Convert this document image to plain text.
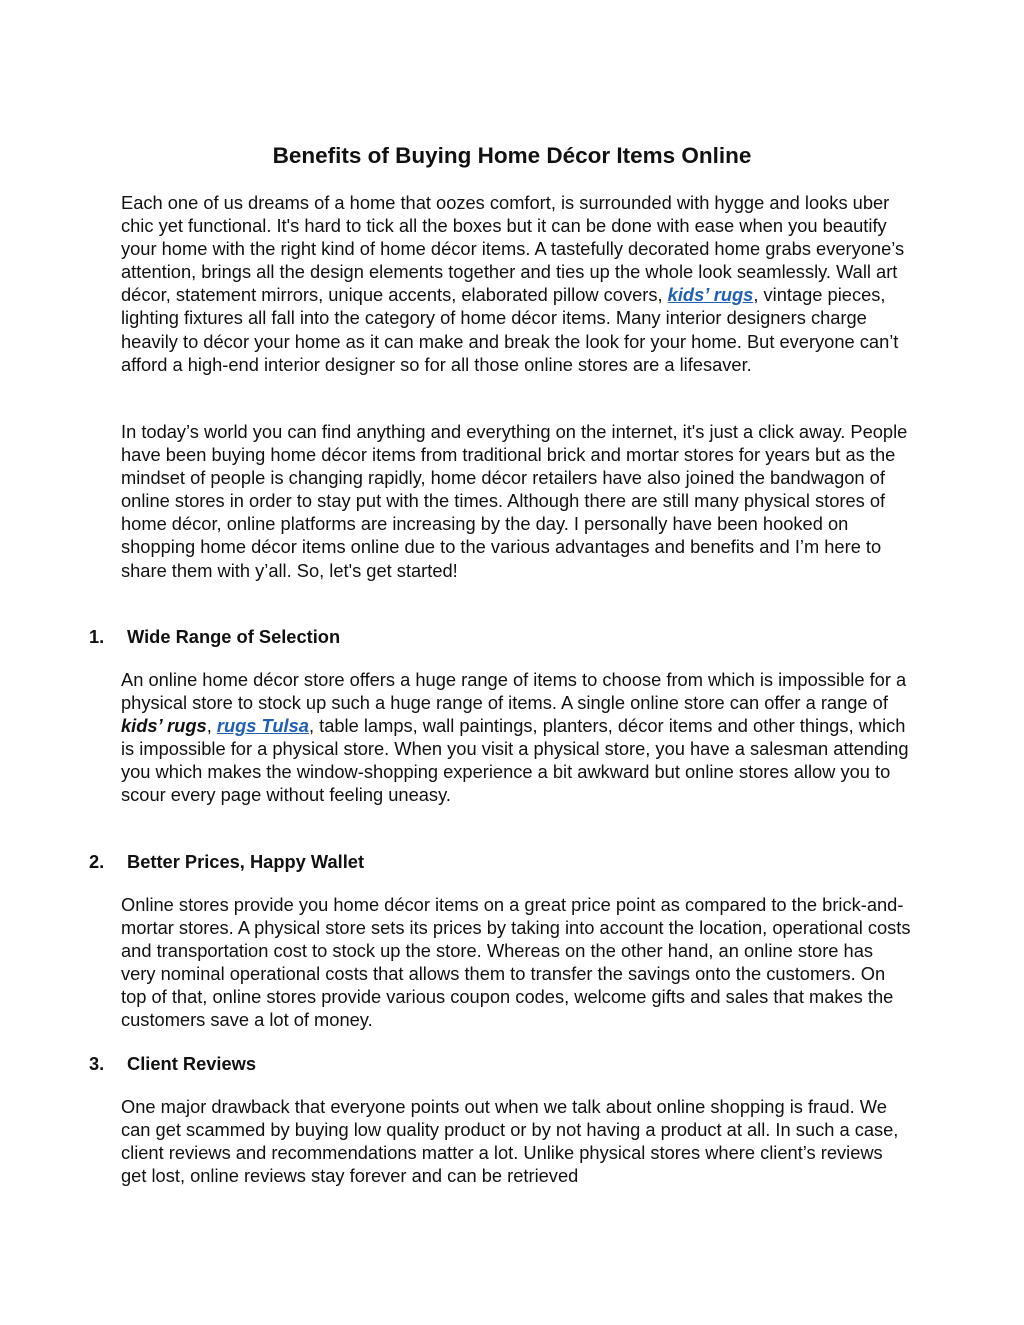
Benefits of Buying Home Décor Items Online

Each one of us dreams of a home that oozes comfort, is surrounded with hygge and looks uber chic yet functional. It's hard to tick all the boxes but it can be done with ease when you beautify your home with the right kind of home décor items. A tastefully decorated home grabs everyone’s attention, brings all the design elements together and ties up the whole look seamlessly. Wall art décor, statement mirrors, unique accents, elaborated pillow covers, kids’ rugs, vintage pieces, lighting fixtures all fall into the category of home décor items. Many interior designers charge heavily to décor your home as it can make and break the look for your home. But everyone can’t afford a high-end interior designer so for all those online stores are a lifesaver.

In today’s world you can find anything and everything on the internet, it's just a click away. People have been buying home décor items from traditional brick and mortar stores for years but as the mindset of people is changing rapidly, home décor retailers have also joined the bandwagon of online stores in order to stay put with the times. Although there are still many physical stores of home décor, online platforms are increasing by the day. I personally have been hooked on shopping home décor items online due to the various advantages and benefits and I’m here to share them with y’all. So, let's get started!

1. Wide Range of Selection

An online home décor store offers a huge range of items to choose from which is impossible for a physical store to stock up such a huge range of items. A single online store can offer a range of kids’ rugs, rugs Tulsa, table lamps, wall paintings, planters, décor items and other things, which is impossible for a physical store. When you visit a physical store, you have a salesman attending you which makes the window-shopping experience a bit awkward but online stores allow you to scour every page without feeling uneasy.

2. Better Prices, Happy Wallet

Online stores provide you home décor items on a great price point as compared to the brick-and-mortar stores. A physical store sets its prices by taking into account the location, operational costs and transportation cost to stock up the store. Whereas on the other hand, an online store has very nominal operational costs that allows them to transfer the savings onto the customers. On top of that, online stores provide various coupon codes, welcome gifts and sales that makes the customers save a lot of money.

3. Client Reviews

One major drawback that everyone points out when we talk about online shopping is fraud. We can get scammed by buying low quality product or by not having a product at all. In such a case, client reviews and recommendations matter a lot. Unlike physical stores where client’s reviews get lost, online reviews stay forever and can be retrieved
